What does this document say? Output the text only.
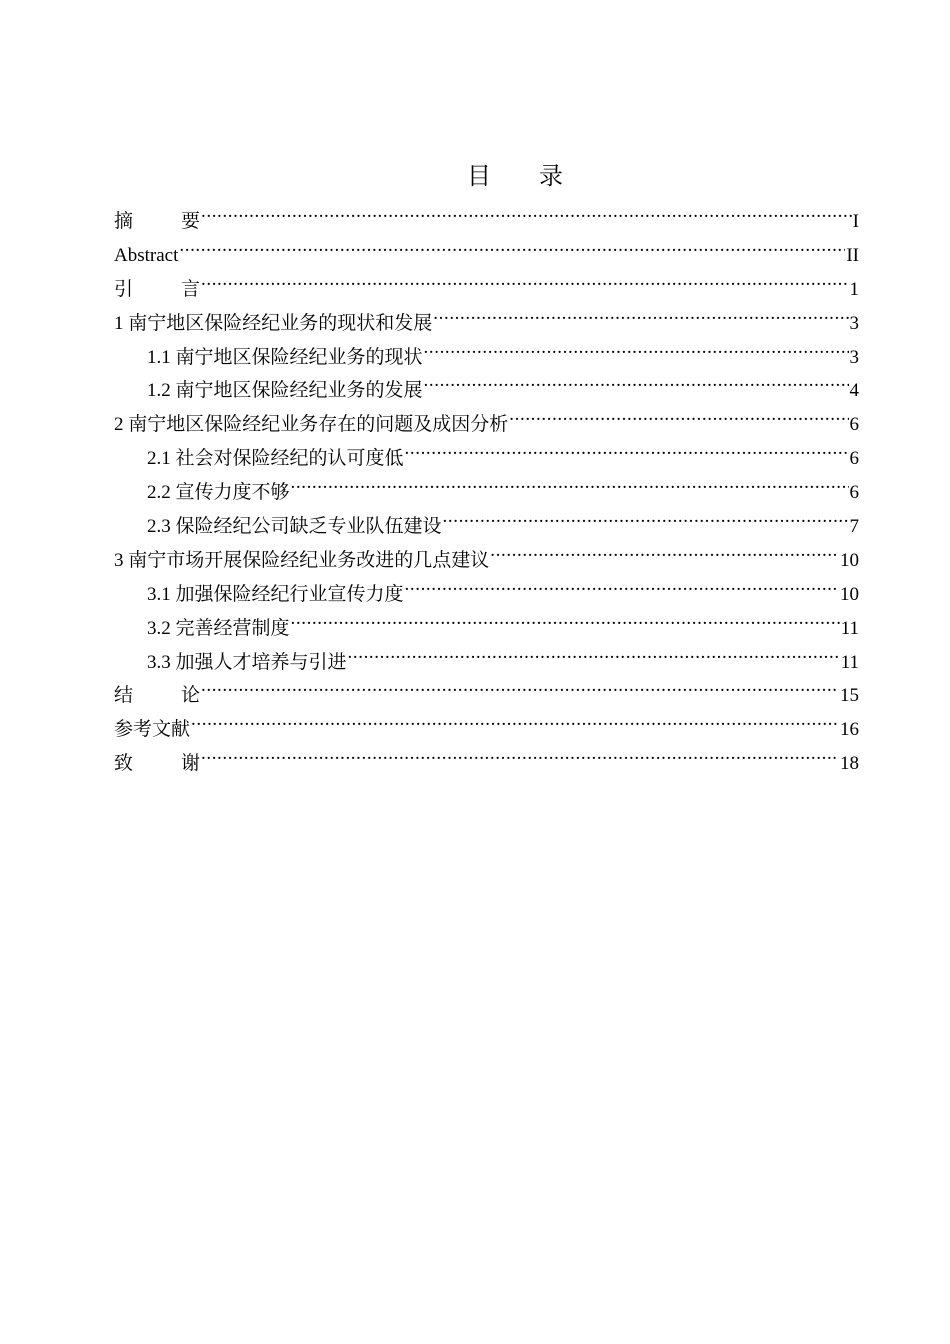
目 录
摘	要 .....	I
Abstract .....	II
引	言 .....	1
1 南宁地区保险经纪业务的现状和发展 .....	3
1.1 南宁地区保险经纪业务的现状 .....	3
1.2 南宁地区保险经纪业务的发展 .....	4
2 南宁地区保险经纪业务存在的问题及成因分析 .....	6
2.1 社会对保险经纪的认可度低 .....	6
2.2 宣传力度不够 .....	6
2.3 保险经纪公司缺乏专业队伍建设 .....	7
3 南宁市场开展保险经纪业务改进的几点建议 .....	10
3.1 加强保险经纪行业宣传力度 .....	10
3.2 完善经营制度 .....	11
3.3 加强人才培养与引进 .....	11
结	论 .....	15
参考文献 .....	16
致	谢 .....	18
